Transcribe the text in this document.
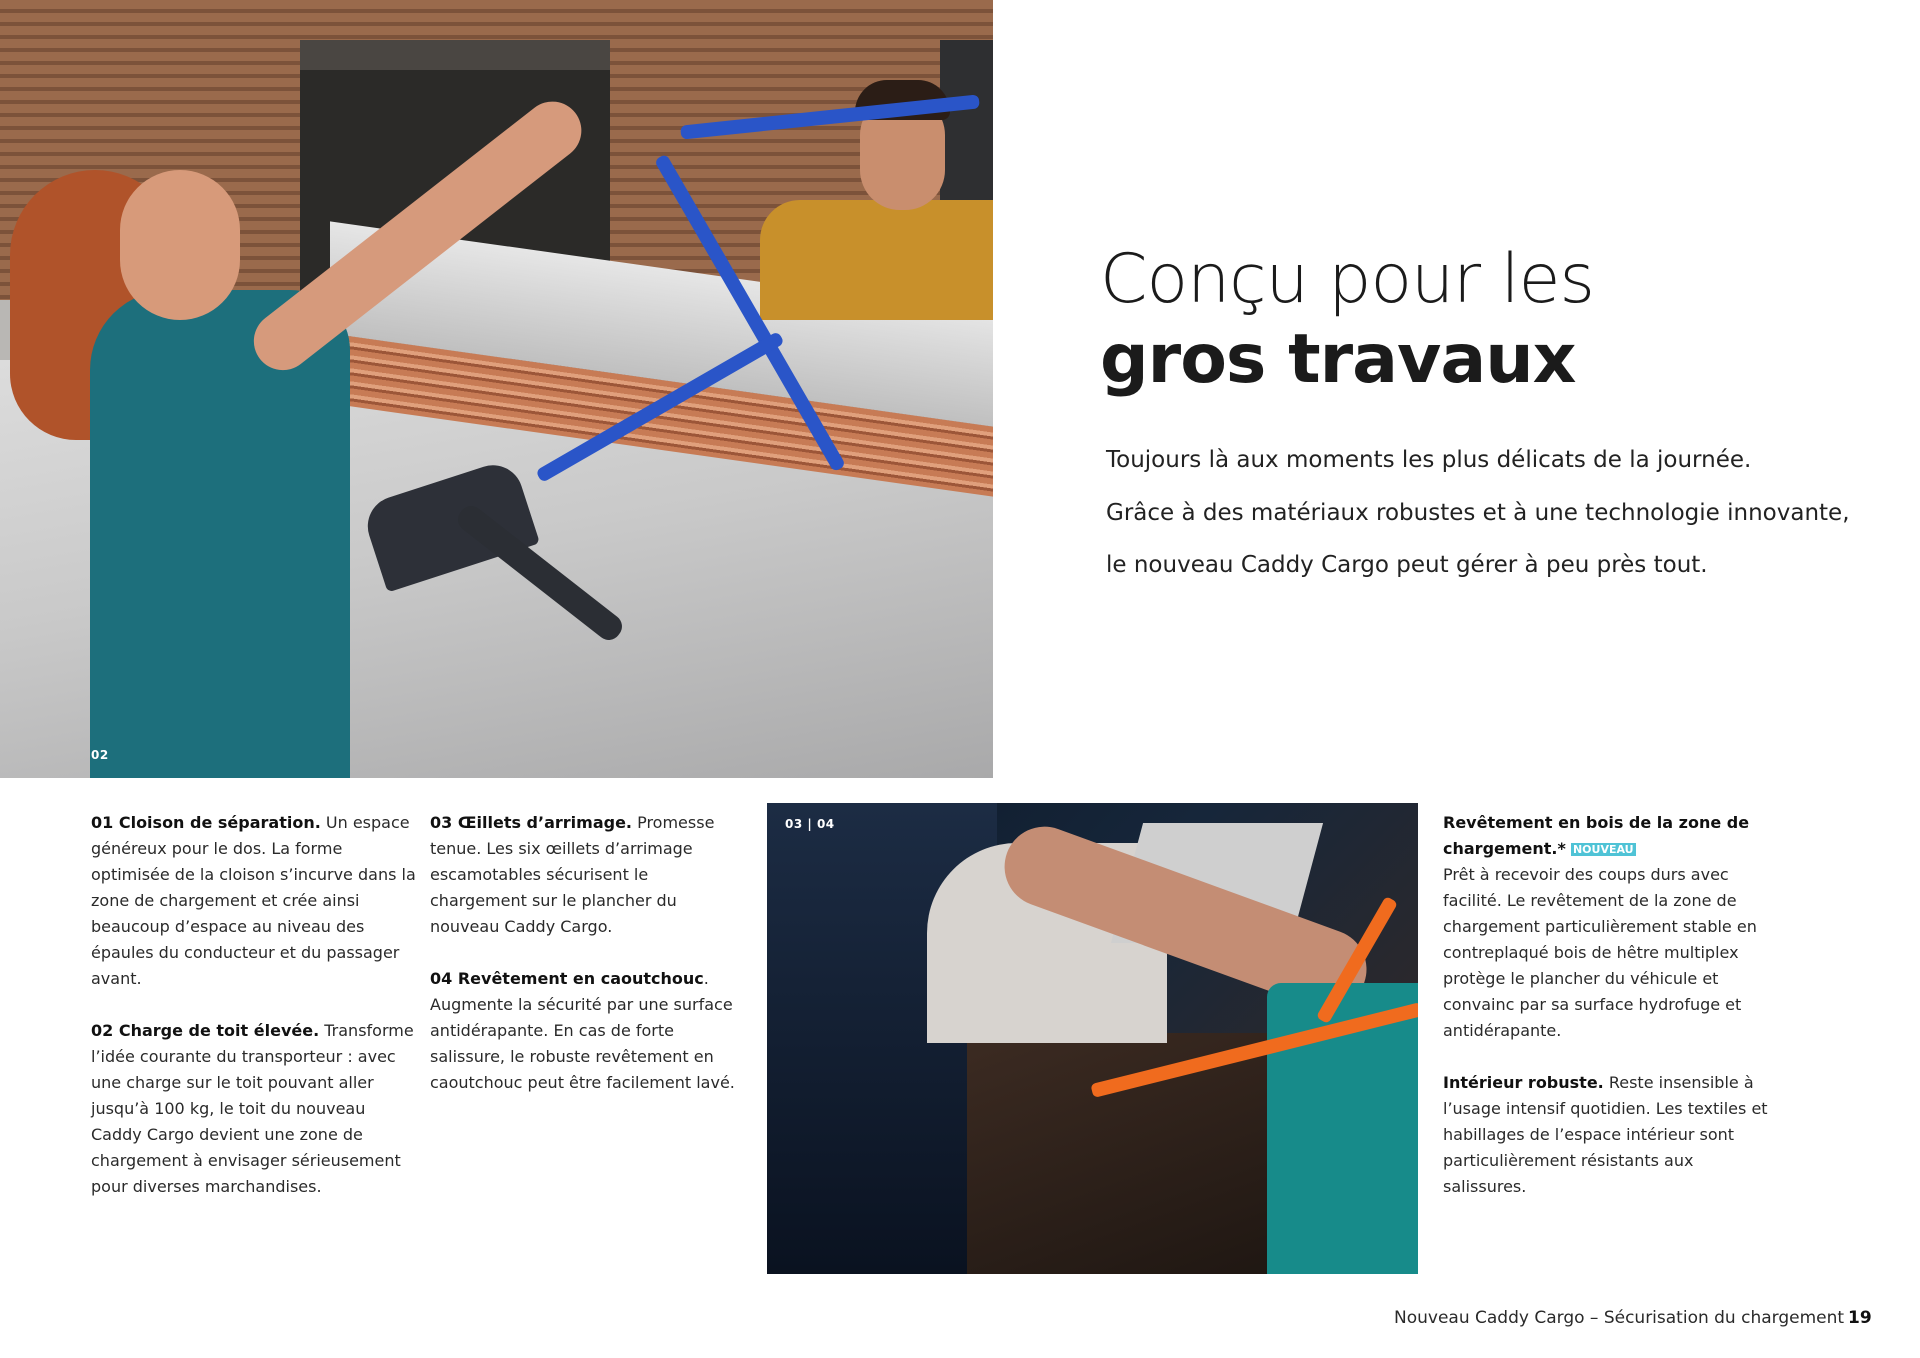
02
Conçu pour les
gros travaux

Toujours là aux moments les plus délicats de la journée.

Grâce à des matériaux robustes et à une technologie innovante,

le nouveau Caddy Cargo peut gérer à peu près tout.

01 Cloison de séparation. Un espace généreux pour le dos. La forme optimisée de la cloison s’incurve dans la zone de chargement et crée ainsi beaucoup d’espace au niveau des épaules du conducteur et du passager avant.

02 Charge de toit élevée. Transforme l’idée courante du transporteur : avec une charge sur le toit pouvant aller jusqu’à 100 kg, le toit du nouveau Caddy Cargo devient une zone de chargement à envisager sérieusement pour diverses marchandises.

03 Œillets d’arrimage. Promesse tenue. Les six œillets d’arrimage escamotables sécurisent le chargement sur le plancher du nouveau Caddy Cargo.

04 Revêtement en caoutchouc. Augmente la sécurité par une surface antidérapante. En cas de forte salissure, le robuste revêtement en caoutchouc peut être facilement lavé.

03 | 04	Revêtement en bois de la zone de chargement.* NOUVEAU
Prêt à recevoir des coups durs avec facilité. Le revêtement de la zone de chargement particulièrement stable en contreplaqué bois de hêtre multiplex protège le plancher du véhicule et convainc par sa surface hydrofuge et antidérapante.

Intérieur robuste. Reste insensible à l’usage intensif quotidien. Les textiles et habillages de l’espace intérieur sont particulièrement résistants aux salissures.

Nouveau Caddy Cargo – Sécurisation du chargement 19
